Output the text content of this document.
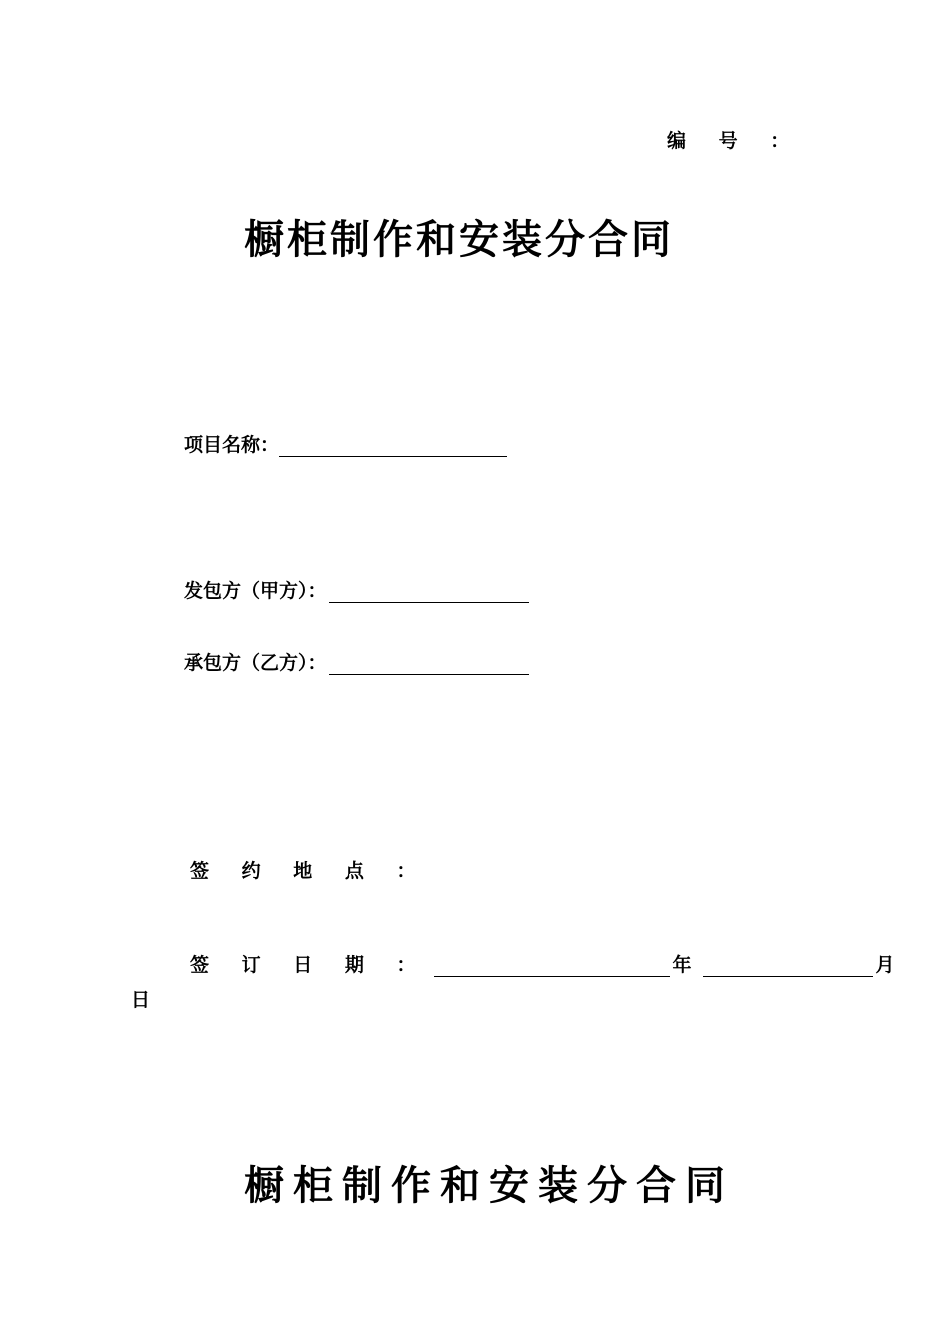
编 号 ：
橱柜制作和安装分合同
项目名称：
发包方（甲方）：
承包方（乙方）：
签 约 地 点 ：
签 订 日 期 ：	年	月
日
橱柜制作和安装分合同
